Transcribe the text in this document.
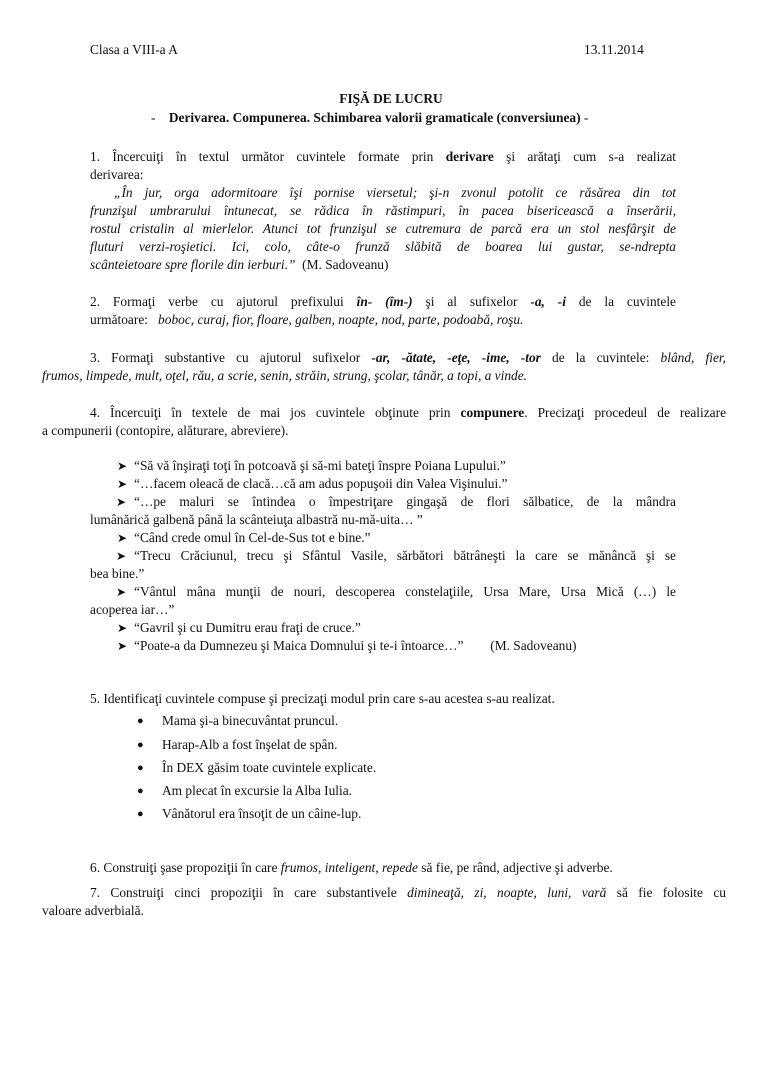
Clasa a VIII-a A	13.11.2014
FIŞĂ DE LUCRU
- Derivarea. Compunerea. Schimbarea valorii gramaticale (conversiunea) -
1. Încercuiţi în textul următor cuvintele formate prin derivare şi arătaţi cum s-a realizat
derivarea:
„În jur, orga adormitoare îşi pornise viersetul; şi-n zvonul potolit ce răsărea din tot
frunzişul umbrarului întunecat, se rădica în răstimpuri, în pacea bisericească a înserării,
rostul cristalin al mierlelor. Atunci tot frunzişul se cutremura de parcă era un stol nesfârşit de
fluturi verzi-roşietici. Ici, colo, câte-o frunză slăbită de boarea lui gustar, se-ndrepta
scânteietoare spre florile din ierburi.” (M. Sadoveanu)
2. Formaţi verbe cu ajutorul prefixului în- (îm-) şi al sufixelor -a, -i de la cuvintele
următoare: boboc, curaj, fior, floare, galben, noapte, nod, parte, podoabă, roşu.
3. Formaţi substantive cu ajutorul sufixelor -ar, -ătate, -eţe, -ime, -tor de la cuvintele: blând, fier,
frumos, limpede, mult, oţel, rău, a scrie, senin, străin, strung, şcolar, tânăr, a topi, a vinde.
4. Încercuiţi în textele de mai jos cuvintele obţinute prin compunere. Precizaţi procedeul de realizare
a compunerii (contopire, alăturare, abreviere).
➤ “Să vă înşiraţi toţi în potcoavă şi să-mi bateţi înspre Poiana Lupului.”
➤ “…facem oleacă de clacă…că am adus popuşoii din Valea Vişinului.”
➤ “…pe maluri se întindea o împestriţare gingaşă de flori sălbatice, de la mândra
lumânărică galbenă până la scânteiuţa albastră nu-mă-uita… ”
➤ “Când crede omul în Cel-de-Sus tot e bine.”
➤ “Trecu Crăciunul, trecu şi Sfântul Vasile, sărbători bătrâneşti la care se mănâncă şi se
bea bine.”
➤ “Vântul mâna munţii de nouri, descoperea constelaţiile, Ursa Mare, Ursa Mică (…) le
acoperea iar…”
➤ “Gavril şi cu Dumitru erau fraţi de cruce.”
➤ “Poate-a da Dumnezeu şi Maica Domnului şi te-i întoarce…” (M. Sadoveanu)
5. Identificaţi cuvintele compuse şi precizaţi modul prin care s-au acestea s-au realizat.
● Mama şi-a binecuvântat pruncul.
● Harap-Alb a fost înşelat de spân.
● În DEX găsim toate cuvintele explicate.
● Am plecat în excursie la Alba Iulia.
● Vânătorul era însoţit de un câine-lup.
6. Construiţi şase propoziţii în care frumos, inteligent, repede să fie, pe rând, adjective şi adverbe.
7. Construiţi cinci propoziţii în care substantivele dimineaţă, zi, noapte, luni, vară să fie folosite cu
valoare adverbială.
